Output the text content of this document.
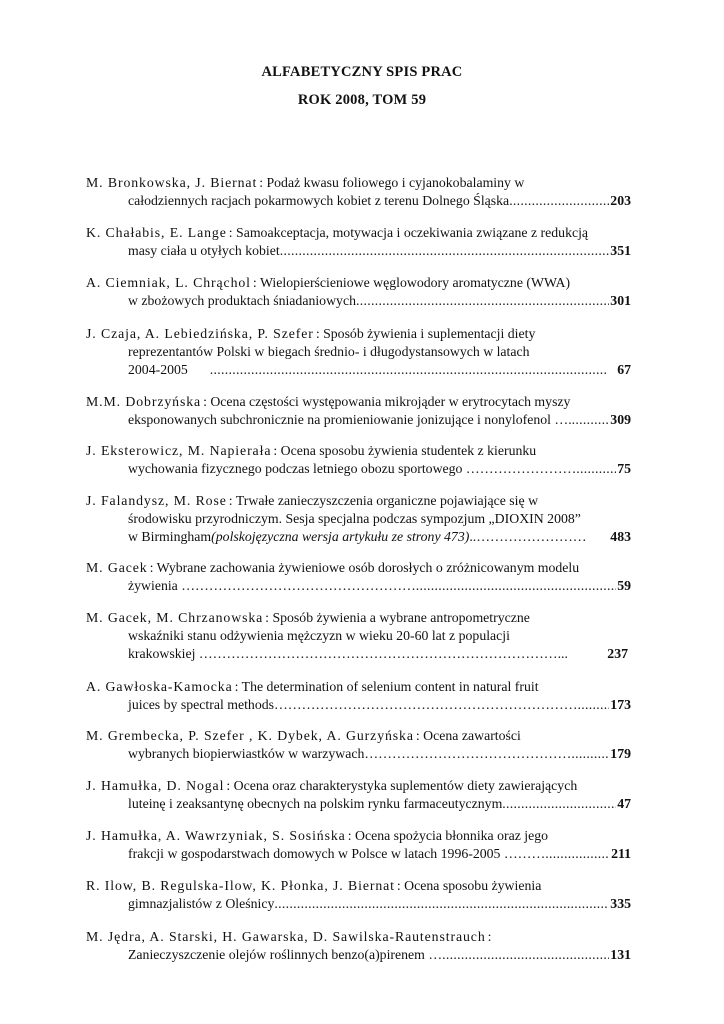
ALFABETYCZNY SPIS PRAC
ROK 2008, TOM 59
M. Bronkowska, J. Biernat : Podaż kwasu foliowego i cyjanokobalaminy w
całodziennych racjach pokarmowych kobiet z terenu Dolnego Śląska .....	203
K. Chałabis, E. Lange : Samoakceptacja, motywacja i oczekiwania związane z redukcją
masy ciała u otyłych kobiet .....	351
A. Ciemniak, L. Chrąchol : Wielopierścieniowe węglowodory aromatyczne (WWA)
w zbożowych produktach śniadaniowych .....	301
J. Czaja, A. Lebiedzińska, P. Szefer : Sposób żywienia i suplementacji diety
reprezentantów Polski w biegach średnio- i długodystansowych w latach
2004-2005 .....	67
M.M. Dobrzyńska : Ocena częstości występowania mikrojąder w erytrocytach myszy
eksponowanych subchronicznie na promieniowanie jonizujące i nonylofenol …. .....	309
J. Eksterowicz, M. Napierała : Ocena sposobu żywienia studentek z kierunku
wychowania fizycznego podczas letniego obozu sportowego …………………… .....	75
J. Falandysz, M. Rose : Trwałe zanieczyszczenia organiczne pojawiające się w
środowisku przyrodniczym. Sesja specjalna podczas sympozjum „DIOXIN 2008”
w Birmingham (polskojęzyczna wersja artykułu ze strony 473) ..…………………… 483
M. Gacek : Wybrane zachowania żywieniowe osób dorosłych o zróżnicowanym modelu
żywienia …………………………………………… .....	59
M. Gacek, M. Chrzanowska : Sposób żywienia a wybrane antropometryczne
wskaźniki stanu odżywienia mężczyzn w wieku 20-60 lat z populacji
krakowskiej ……………………………………………………………………...	237
A. Gawłoska-Kamocka : The determination of selenium content in natural fruit
juices by spectral methods………………………………………………………… ..... 173
M. Grembecka, P. Szefer , K. Dybek, A. Gurzyńska : Ocena zawartości
wybranych biopierwiastków w warzywach……………………………………… .....	179
J. Hamułka, D. Nogal : Ocena oraz charakterystyka suplementów diety zawierających
luteinę i zeaksantynę obecnych na polskim rynku farmaceutycznym .....	47
J. Hamułka, A. Wawrzyniak, S. Sosińska : Ocena spożycia błonnika oraz jego
frakcji w gospodarstwach domowych w Polsce w latach 1996-2005 ……… .....	211
R. Ilow, B. Regulska-Ilow, K. Płonka, J. Biernat : Ocena sposobu żywienia
gimnazjalistów z Oleśnicy .....	335
M. Jędra, A. Starski, H. Gawarska, D. Sawilska-Rautenstrauch :
Zanieczyszczenie olejów roślinnych benzo(a)pirenem … .....	131
